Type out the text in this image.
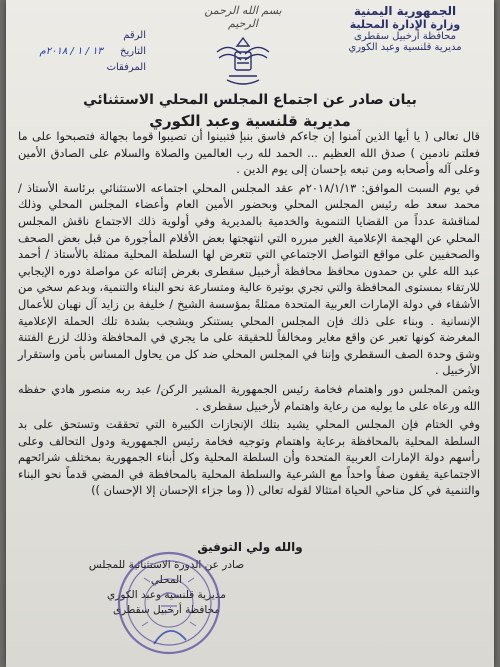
الجمهورية اليمنية
وزارة الإدارة المحلية
محافظة أرخبيل سقطرى
مديرية قلنسية وعبد الكوري
بسم الله الرحمن الرحيم
الرقم
التاريخ ١٣ / ١ / ٢٠١٨م
المرفقات
بيان صادر عن اجتماع المجلس المحلي الاستثنائي
مديرية قلنسية وعبد الكوري

قال تعالى ( يا أيها الذين آمنوا إن جاءكم فاسق بنبإ فتبينوا أن تصيبوا قوما بجهالة فتصبحوا على ما فعلتم نادمين ) صدق الله العظيم ... الحمد لله رب العالمين والصلاة والسلام على الصادق الأمين وعلى آله وأصحابه ومن تبعه بإحسان إلى يوم الدين .

في يوم السبت الموافق: ٢٠١٨/١/١٣م عقد المجلس المحلي اجتماعه الاستثنائي برئاسة الأستاذ / محمد سعد طه رئيس المجلس المحلي وبحضور الأمين العام وأعضاء المجلس المحلي وذلك لمناقشة عدداً من القضايا التنموية والخدمية بالمديرية وفي أولوية ذلك الاجتماع ناقش المجلس المحلي عن الهجمة الإعلامية الغير مبرره التي انتهجتها بعض الأقلام المأجورة من قبل بعض الصحف والصحفيين على مواقع التواصل الاجتماعي التي تتعرض لها السلطة المحلية ممثلة بالأستاذ / أحمد عبد الله علي بن حمدون محافظ محافظة أرخبيل سقطرى بغرض إثنائه عن مواصلة دوره الإيجابي للارتقاء بمستوى المحافظة والتي تجري بوتيرة عالية ومتسارعة نحو البناء والتنمية، وبدعم سخي من الأشقاء في دولة الإمارات العربية المتحدة ممثلةً بمؤسسة الشيخ / خليفة بن زايد آل نهيان للأعمال الإنسانية . وبناء على ذلك فإن المجلس المحلي يستنكر ويشجب بشدة تلك الحملة الإعلامية المغرضة كونها تعبر عن واقع مغاير ومخالفاً للحقيقة على ما يجري في المحافظة وذلك لزرع الفتنة وشق وحدة الصف السقطري وإننا في المجلس المحلي ضد كل من يحاول المساس بأمن واستقرار الأرخبيل .

ويثمن المجلس دور واهتمام فخامة رئيس الجمهورية المشير الركن/ عبد ربه منصور هادي حفظه الله ورعاه على ما يوليه من رعاية واهتمام لأرخبيل سقطرى .

وفي الختام فإن المجلس المحلي يشيد بتلك الإنجازات الكبيرة التي تحققت وتستحق على بد السلطة المحلية بالمحافظة برعاية واهتمام وتوجيه فخامة رئيس الجمهورية ودول التحالف وعلى رأسهم دولة الإمارات العربية المتحدة وأن السلطة المحلية وكل أبناء الجمهورية بمختلف شرائحهم الاجتماعية يقفون صفاً واحداً مع الشرعية والسلطة المحلية بالمحافظة في المضي قدماً نحو البناء والتنمية في كل مناحي الحياة امتثالا لقوله تعالى (( وما جزاء الإحسان إلا الإحسان ))

والله ولي التوفيق
صادر عن الدورة الاستثنائية للمجلس المحلي
مديرية قلنسية وعبد الكوري
محافظة أرخبيل سقطرى
